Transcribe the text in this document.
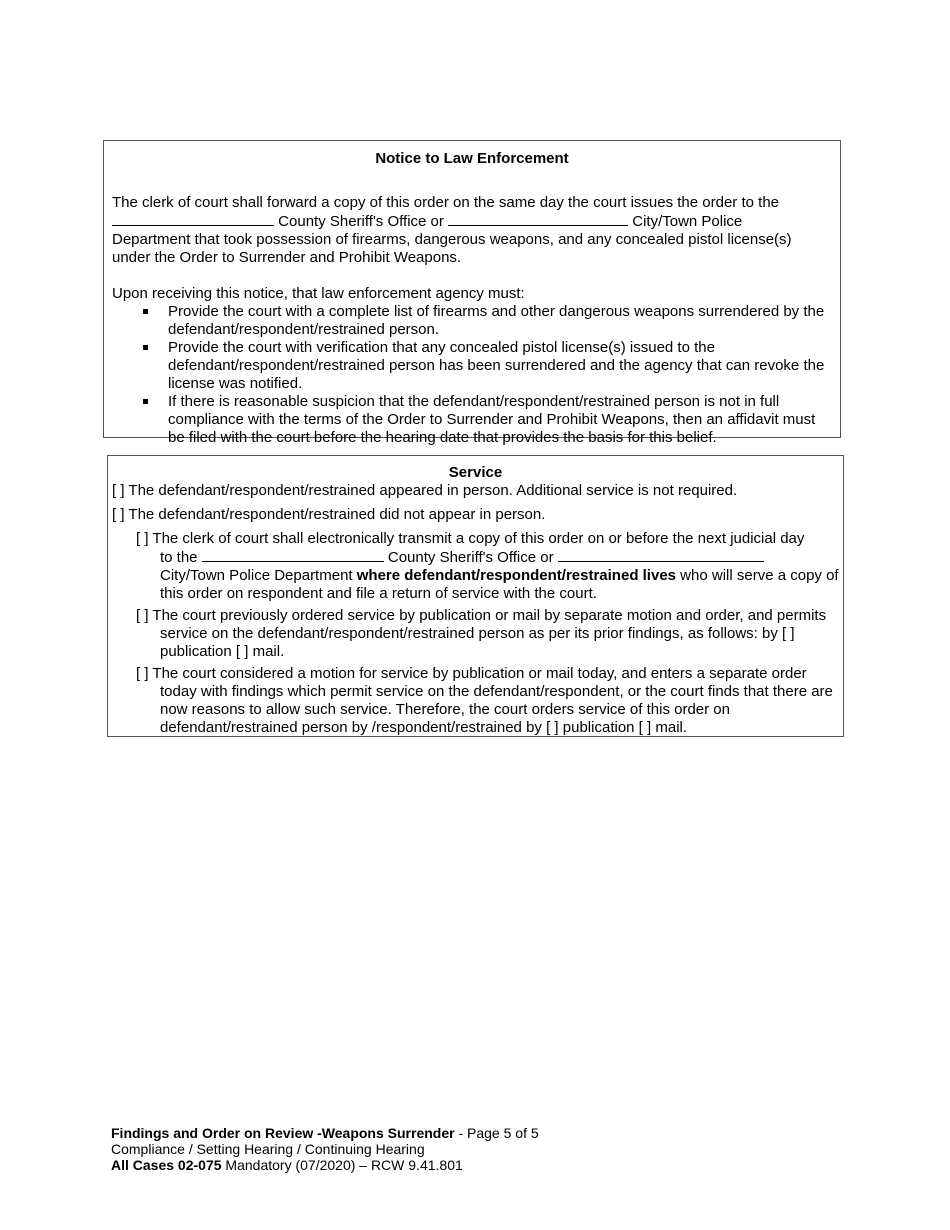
Notice to Law Enforcement

The clerk of court shall forward a copy of this order on the same day the court issues the order to the
County Sheriff's Office or	City/Town Police
Department that took possession of firearms, dangerous weapons, and any concealed pistol license(s) under the Order to Surrender and Prohibit Weapons.

Upon receiving this notice, that law enforcement agency must:

Provide the court with a complete list of firearms and other dangerous weapons surrendered by the defendant/respondent/restrained person.
Provide the court with verification that any concealed pistol license(s) issued to the defendant/respondent/restrained person has been surrendered and the agency that can revoke the license was notified.
If there is reasonable suspicion that the defendant/respondent/restrained person is not in full compliance with the terms of the Order to Surrender and Prohibit Weapons, then an affidavit must be filed with the court before the hearing date that provides the basis for this belief.
Service

[ ] The defendant/respondent/restrained appeared in person. Additional service is not required.

[ ] The defendant/respondent/restrained did not appear in person.

[ ] The clerk of court shall electronically transmit a copy of this order on or before the next judicial day
to the	County Sheriff's Office or
City/Town Police Department where defendant/respondent/restrained lives who will serve a copy of this order on respondent and file a return of service with the court.

[ ] The court previously ordered service by publication or mail by separate motion and order, and permits service on the defendant/respondent/restrained person as per its prior findings, as follows: by [ ] publication [ ] mail.

[ ] The court considered a motion for service by publication or mail today, and enters a separate order today with findings which permit service on the defendant/respondent, or the court finds that there are now reasons to allow such service. Therefore, the court orders service of this order on defendant/restrained person by /respondent/restrained by [ ] publication [ ] mail.

Findings and Order on Review -Weapons Surrender - Page 5 of 5
Compliance / Setting Hearing / Continuing Hearing
All Cases 02-075 Mandatory (07/2020) – RCW 9.41.801
